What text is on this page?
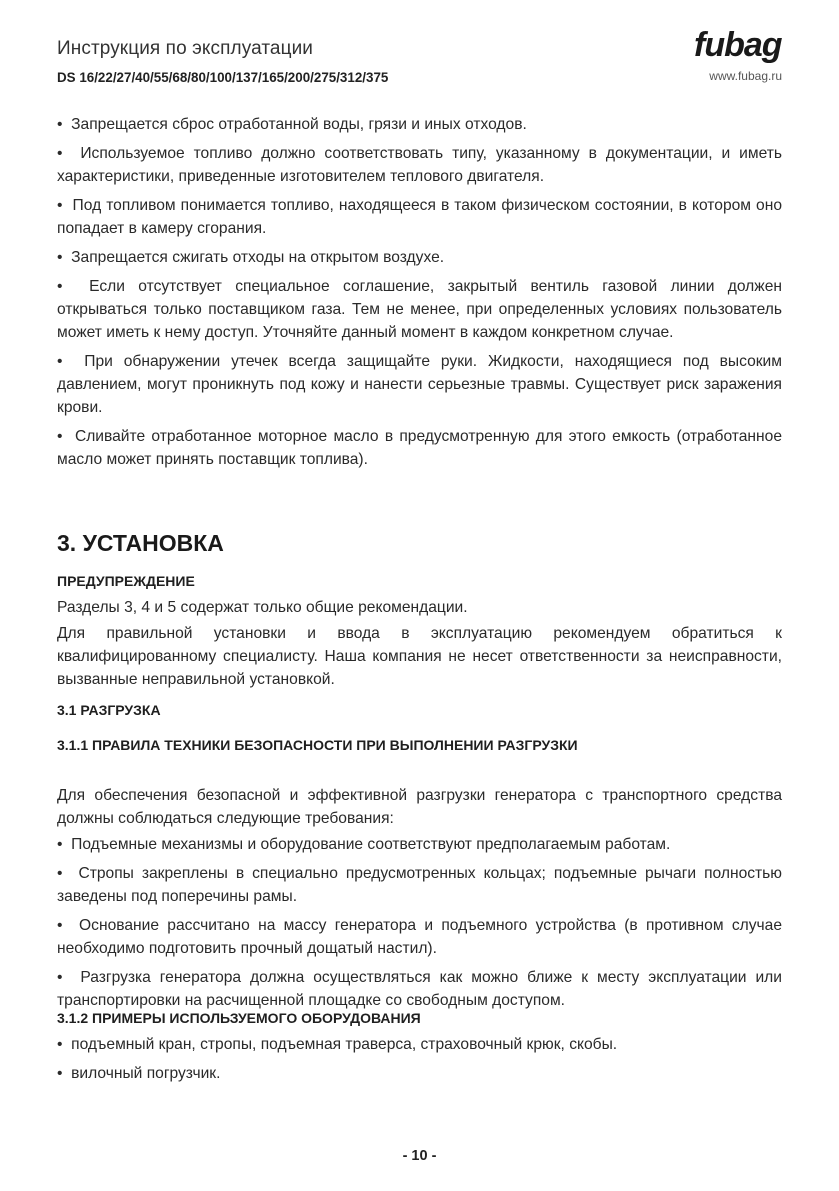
Инструкция по эксплуатации
DS 16/22/27/40/55/68/80/100/137/165/200/275/312/375	www.fubag.ru
fubag

•  Запрещается сброс отработанной воды, грязи и иных отходов.

•  Используемое топливо должно соответствовать типу, указанному в документации, и иметь характеристики, приведенные изготовителем теплового двигателя.

•  Под топливом понимается топливо, находящееся в таком физическом состоянии, в котором оно попадает в камеру сгорания.

•  Запрещается сжигать отходы на открытом воздухе.

•  Если отсутствует специальное соглашение, закрытый вентиль газовой линии должен открываться только поставщиком газа. Тем не менее, при определенных условиях пользователь может иметь к нему доступ. Уточняйте данный момент в каждом конкретном случае.

•  При обнаружении утечек всегда защищайте руки. Жидкости, находящиеся под высоким давлением, могут проникнуть под кожу и нанести серьезные травмы. Существует риск заражения крови.

•  Сливайте отработанное моторное масло в предусмотренную для этого емкость (отработанное масло может принять поставщик топлива).

3. УСТАНОВКА

ПРЕДУПРЕЖДЕНИЕ

Разделы 3, 4 и 5 содержат только общие рекомендации.

Для правильной установки и ввода в эксплуатацию рекомендуем обратиться к квалифицированному специалисту. Наша компания не несет ответственности за неисправности, вызванные неправильной установкой.

3.1 РАЗГРУЗКА

3.1.1 ПРАВИЛА ТЕХНИКИ БЕЗОПАСНОСТИ ПРИ ВЫПОЛНЕНИИ РАЗГРУЗКИ

Для обеспечения безопасной и эффективной разгрузки генератора с транспортного средства должны соблюдаться следующие требования:

•  Подъемные механизмы и оборудование соответствуют предполагаемым работам.

•  Стропы закреплены в специально предусмотренных кольцах; подъемные рычаги полностью заведены под поперечины рамы.

•  Основание рассчитано на массу генератора и подъемного устройства (в противном случае необходимо подготовить прочный дощатый настил).

•  Разгрузка генератора должна осуществляться как можно ближе к месту эксплуатации или транспортировки на расчищенной площадке со свободным доступом.

3.1.2 ПРИМЕРЫ ИСПОЛЬЗУЕМОГО ОБОРУДОВАНИЯ

•  подъемный кран, стропы, подъемная траверса, страховочный крюк, скобы.

•  вилочный погрузчик.

- 10 -
